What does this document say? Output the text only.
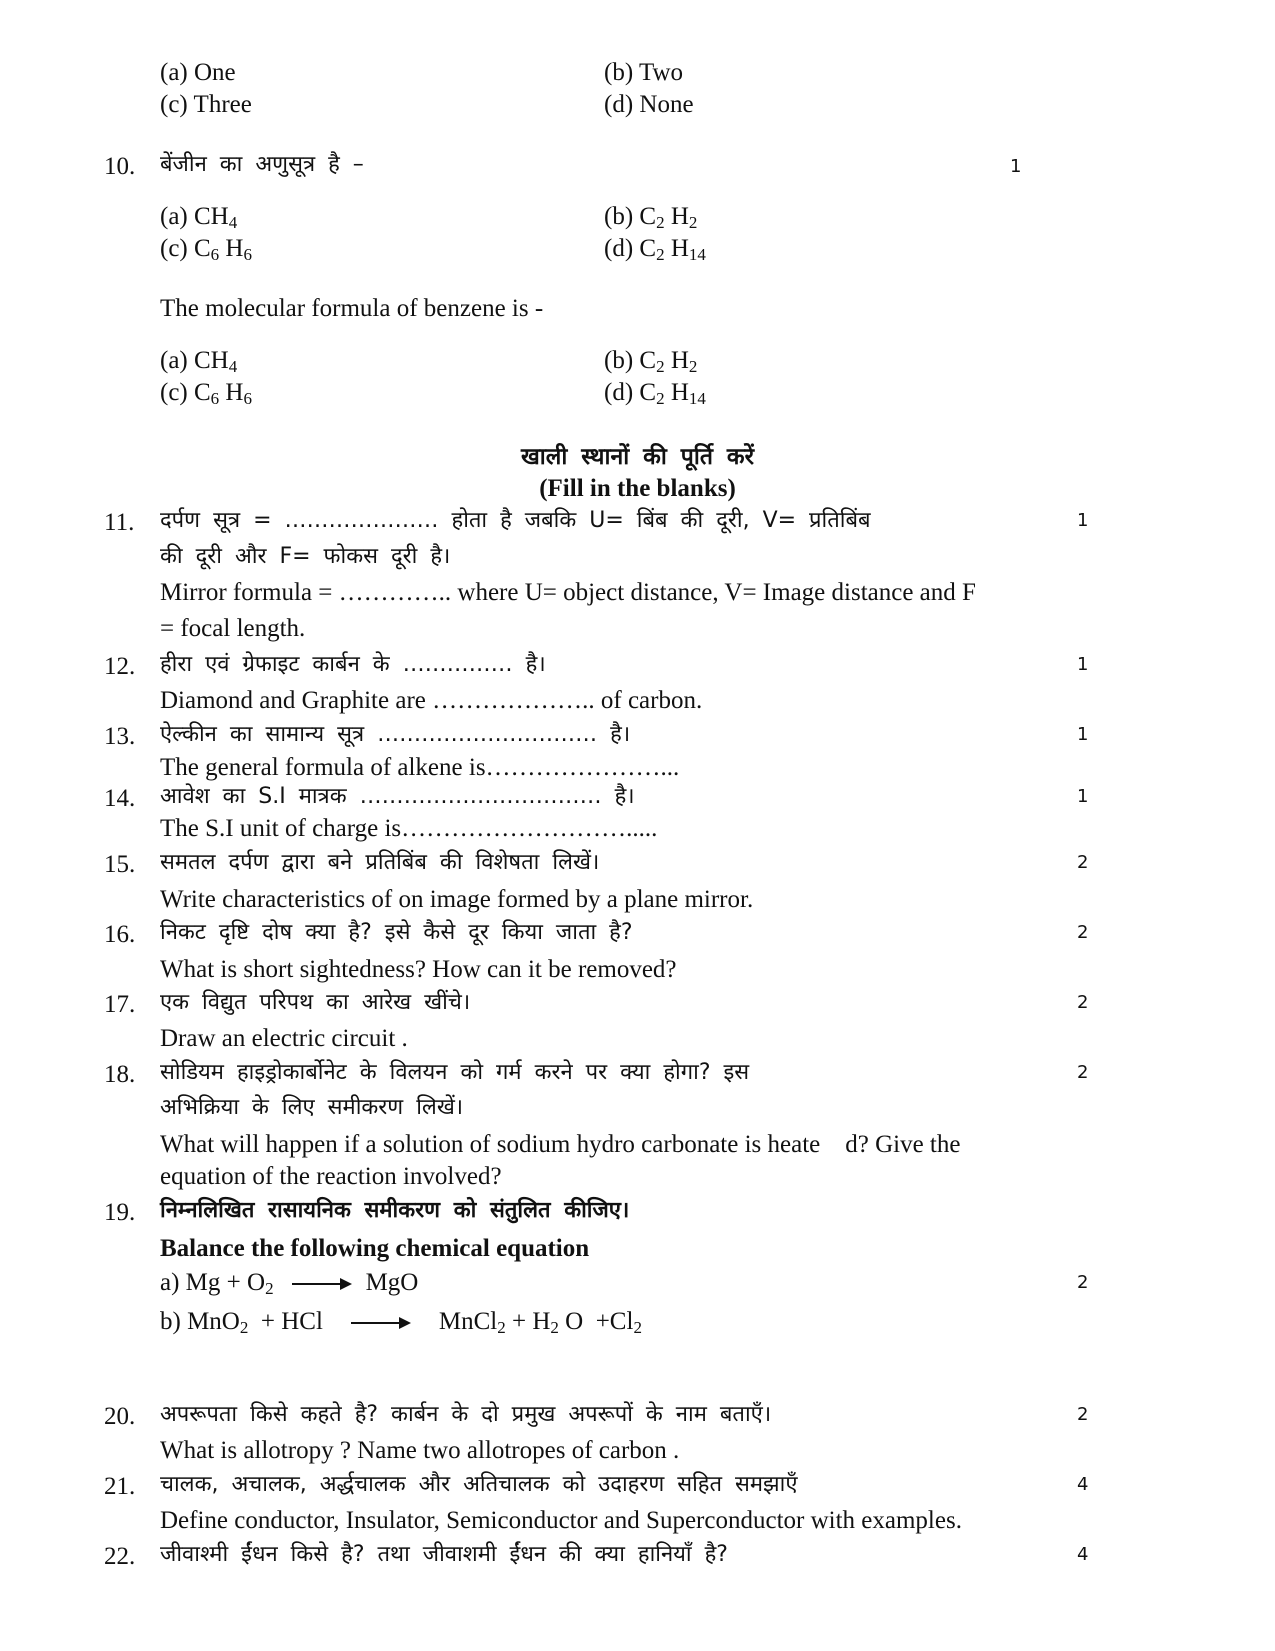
(a) One	(b) Two
(c) Three	(d) None
10. बेंजीन का अणुसूत्र है –	1
(a) $CH_4$	(b) $C_2$ $H_2$
(c) $C_6$ $H_6$	(d) $C_2$ $H_{14}$
The molecular formula of benzene is -
(a) $CH_4$	(b) $C_2$ $H_2$
(c) $C_6$ $H_6$	(d) $C_2$ $H_{14}$
खाली स्थानों की पूर्ति करें
(Fill in the blanks)
11. दर्पण सूत्र = ………………… होता है जबकि U= बिंब की दूरी, V= प्रतिबिंब	1
की दूरी और F= फोकस दूरी है।
Mirror formula = ………….. where U= object distance, V= Image distance and F
= focal length.
12. हीरा एवं ग्रेफाइट कार्बन के …………… है।	1
Diamond and Graphite are ……………….. of carbon.
13. ऐल्कीन का सामान्य सूत्र ………………………… है।	1
The general formula of alkene is…………………...
14. आवेश का S.I मात्रक …………………………… है।	1
The S.I unit of charge is……………………….....
15. समतल दर्पण द्वारा बने प्रतिबिंब की विशेषता लिखें।	2
Write characteristics of on image formed by a plane mirror.
16. निकट दृष्टि दोष क्या है? इसे कैसे दूर किया जाता है?	2
What is short sightedness? How can it be removed?
17. एक विद्युत परिपथ का आरेख खींचे।	2
Draw an electric circuit .
18. सोडियम हाइड्रोकार्बोनेट के विलयन को गर्म करने पर क्या होगा? इस	2
अभिक्रिया के लिए समीकरण लिखें।
What will happen if a solution of sodium hydro carbonate is heate    d? Give the
equation of the reaction involved?
19. निम्नलिखित रासायनिक समीकरण को संतुलित कीजिए।
Balance the following chemical equation
a) $Mg + O_2$ → MgO	2
b) MnO$_2$  + HCl → MnCl$_2$ + $H_2$ $O +Cl_2$
20. अपरूपता किसे कहते है? कार्बन के दो प्रमुख अपरूपों के नाम बताएँ।	2
What is allotropy ? Name two allotropes of carbon .
21. चालक, अचालक, अर्द्धचालक और अतिचालक को उदाहरण सहित समझाएँ	4
Define conductor, Insulator, Semiconductor and Superconductor with examples.
22. जीवाश्मी ईंधन किसे है? तथा जीवाशमी ईंधन की क्या हानियाँ है?	4
